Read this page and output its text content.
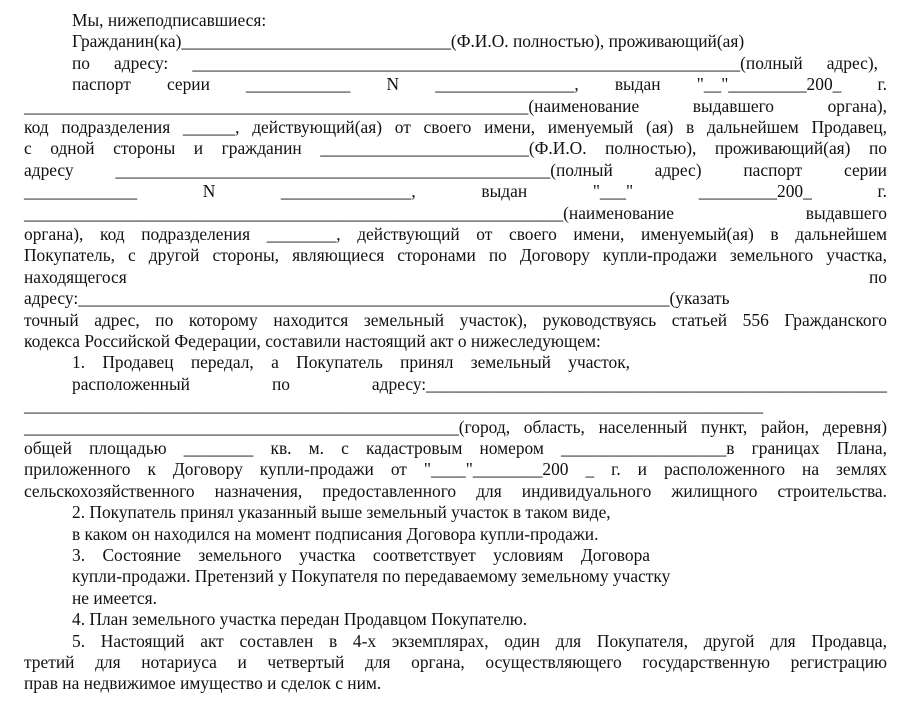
Мы, нижеподписавшиеся:
Гражданин(ка)_______________________________(Ф.И.О. полностью), проживающий(ая)
по адресу: _______________________________________________________________(полный адрес),
паспорт серии ____________ N ________________, выдан "__"_________200_ г.
__________________________________________________________(наименование выдавшего органа),
код подразделения ______, действующий(ая) от своего имени, именуемый (ая) в дальнейшем Продавец,
с одной стороны и гражданин ________________________(Ф.И.О. полностью), проживающий(ая) по
адресу __________________________________________________(полный адрес) паспорт серии
_____________ N _______________, выдан "___" _________200_ г.
______________________________________________________________(наименование выдавшего
органа), код подразделения ________, действующий от своего имени, именуемый(ая) в дальнейшем
Покупатель, с другой стороны, являющиеся сторонами по Договору купли-продажи земельного участка,
находящегося	по
адресу:____________________________________________________________________(указать
точный адрес, по которому находится земельный участок), руководствуясь статьей 556 Гражданского
кодекса Российской Федерации, составили настоящий акт о нижеследующем:
1. Продавец передал, а Покупатель принял земельный участок,
расположенный по адресу:_____________________________________________________
_____________________________________________________________________________________
__________________________________________________(город, область, населенный пункт, район, деревня)
общей площадью ________ кв. м. с кадастровым номером ___________________в границах Плана,
приложенного к Договору купли-продажи от "____"________200 _ г. и расположенного на землях
сельскохозяйственного назначения, предоставленного для индивидуального жилищного строительства.
2. Покупатель принял указанный выше земельный участок в таком виде,
в каком он находился на момент подписания Договора купли-продажи.
3. Состояние земельного участка соответствует условиям Договора
купли-продажи. Претензий у Покупателя по передаваемому земельному участку
не имеется.
4. План земельного участка передан Продавцом Покупателю.
5. Настоящий акт составлен в 4-х экземплярах, один для Покупателя, другой для Продавца,
третий для нотариуса и четвертый для органа, осуществляющего государственную регистрацию
прав на недвижимое имущество и сделок с ним.
